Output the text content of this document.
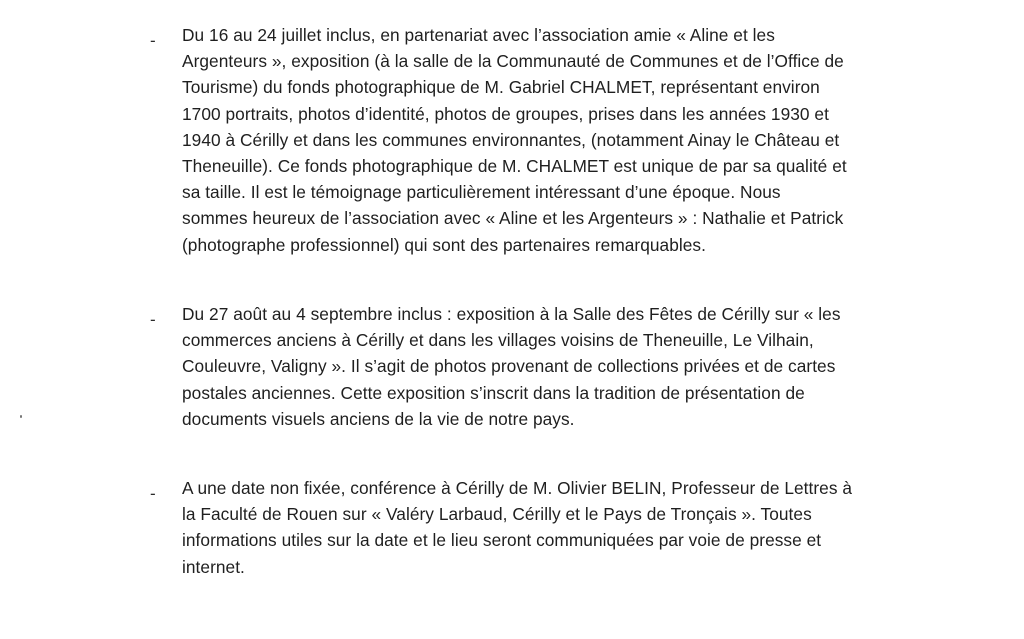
- Du 16 au 24 juillet inclus, en partenariat avec l’association amie « Aline et les
Argenteurs », exposition (à la salle de la Communauté de Communes et de l’Office de
Tourisme) du fonds photographique de M. Gabriel CHALMET, représentant environ
1700 portraits, photos d’identité, photos de groupes, prises dans les années 1930 et
1940 à Cérilly et dans les communes environnantes, (notamment Ainay le Château et
Theneuille). Ce fonds photographique de M. CHALMET est unique de par sa qualité et
sa taille. Il est le témoignage particulièrement intéressant d’une époque. Nous
sommes heureux de l’association avec « Aline et les Argenteurs » : Nathalie et Patrick
(photographe professionnel) qui sont des partenaires remarquables.
- Du 27 août au 4 septembre inclus : exposition à la Salle des Fêtes de Cérilly sur « les
commerces anciens à Cérilly et dans les villages voisins de Theneuille, Le Vilhain,
Couleuvre, Valigny ». Il s’agit de photos provenant de collections privées et de cartes
postales anciennes. Cette exposition s’inscrit dans la tradition de présentation de
documents visuels anciens de la vie de notre pays.
- A une date non fixée, conférence à Cérilly de M. Olivier BELIN, Professeur de Lettres à
la Faculté de Rouen sur « Valéry Larbaud, Cérilly et le Pays de Tronçais ». Toutes
informations utiles sur la date et le lieu seront communiquées par voie de presse et
internet.
